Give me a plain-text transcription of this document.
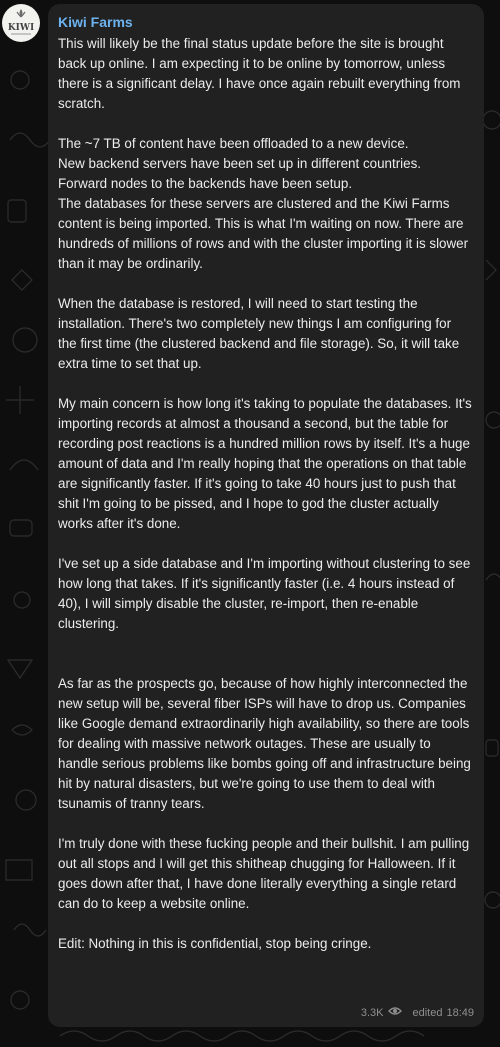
KIWI Kiwi Farms

This will likely be the final status update before the site is brought back up online. I am expecting it to be online by tomorrow, unless there is a significant delay. I have once again rebuilt everything from scratch.

The ~7 TB of content have been offloaded to a new device.
New backend servers have been set up in different countries.
Forward nodes to the backends have been setup.
The databases for these servers are clustered and the Kiwi Farms content is being imported. This is what I'm waiting on now. There are hundreds of millions of rows and with the cluster importing it is slower than it may be ordinarily.

When the database is restored, I will need to start testing the installation. There's two completely new things I am configuring for the first time (the clustered backend and file storage). So, it will take extra time to set that up.

My main concern is how long it's taking to populate the databases. It's importing records at almost a thousand a second, but the table for recording post reactions is a hundred million rows by itself. It's a huge amount of data and I'm really hoping that the operations on that table are significantly faster. If it's going to take 40 hours just to push that shit I'm going to be pissed, and I hope to god the cluster actually works after it's done.

I've set up a side database and I'm importing without clustering to see how long that takes. If it's significantly faster (i.e. 4 hours instead of 40), I will simply disable the cluster, re-import, then re-enable clustering.

As far as the prospects go, because of how highly interconnected the new setup will be, several fiber ISPs will have to drop us. Companies like Google demand extraordinarily high availability, so there are tools for dealing with massive network outages. These are usually to handle serious problems like bombs going off and infrastructure being hit by natural disasters, but we're going to use them to deal with tsunamis of tranny tears.

I'm truly done with these fucking people and their bullshit. I am pulling out all stops and I will get this shitheap chugging for Halloween. If it goes down after that, I have done literally everything a single retard can do to keep a website online.

Edit: Nothing in this is confidential, stop being cringe.

3.3K	edited 18:49
